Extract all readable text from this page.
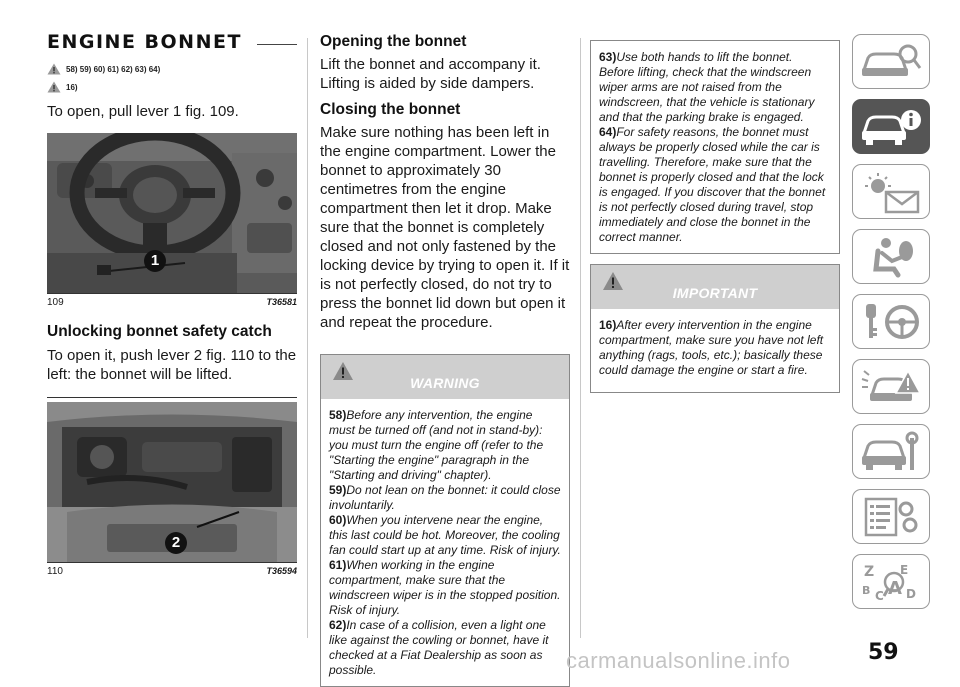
ENGINE BONNET
58) 59) 60) 61) 62) 63) 64)
16)

To open, pull lever 1 fig. 109.

1
109	T36581
Unlocking bonnet safety catch

To open it, push lever 2 fig. 110 to the left: the bonnet will be lifted.

2
110	T36594
Opening the bonnet

Lift the bonnet and accompany it. Lifting is aided by side dampers.

Closing the bonnet

Make sure nothing has been left in the engine compartment. Lower the bonnet to approximately 30 centimetres from the engine compartment then let it drop. Make sure that the bonnet is completely closed and not only fastened by the locking device by trying to open it. If it is not perfectly closed, do not try to press the bonnet lid down but open it and repeat the procedure.

WARNING

58)Before any intervention, the engine must be turned off (and not in stand-by): you must turn the engine off (refer to the "Starting the engine" paragraph in the "Starting and driving" chapter).

59)Do not lean on the bonnet: it could close involuntarily.

60)When you intervene near the engine, this last could be hot. Moreover, the cooling fan could start up at any time. Risk of injury.

61)When working in the engine compartment, make sure that the windscreen wiper is in the stopped position. Risk of injury.

62)In case of a collision, even a light one like against the cowling or bonnet, have it checked at a Fiat Dealership as soon as possible.

63)Use both hands to lift the bonnet. Before lifting, check that the windscreen wiper arms are not raised from the windscreen, that the vehicle is stationary and that the parking brake is engaged.

64)For safety reasons, the bonnet must always be properly closed while the car is travelling. Therefore, make sure that the bonnet is properly closed and that the lock is engaged. If you discover that the bonnet is not perfectly closed during travel, stop immediately and close the bonnet in the correct manner.

IMPORTANT

16)After every intervention in the engine compartment, make sure you have not left anything (rags, tools, etc.); basically these could damage the engine or start a fire.

Z E
B C A D
59
carmanualsonline.info
